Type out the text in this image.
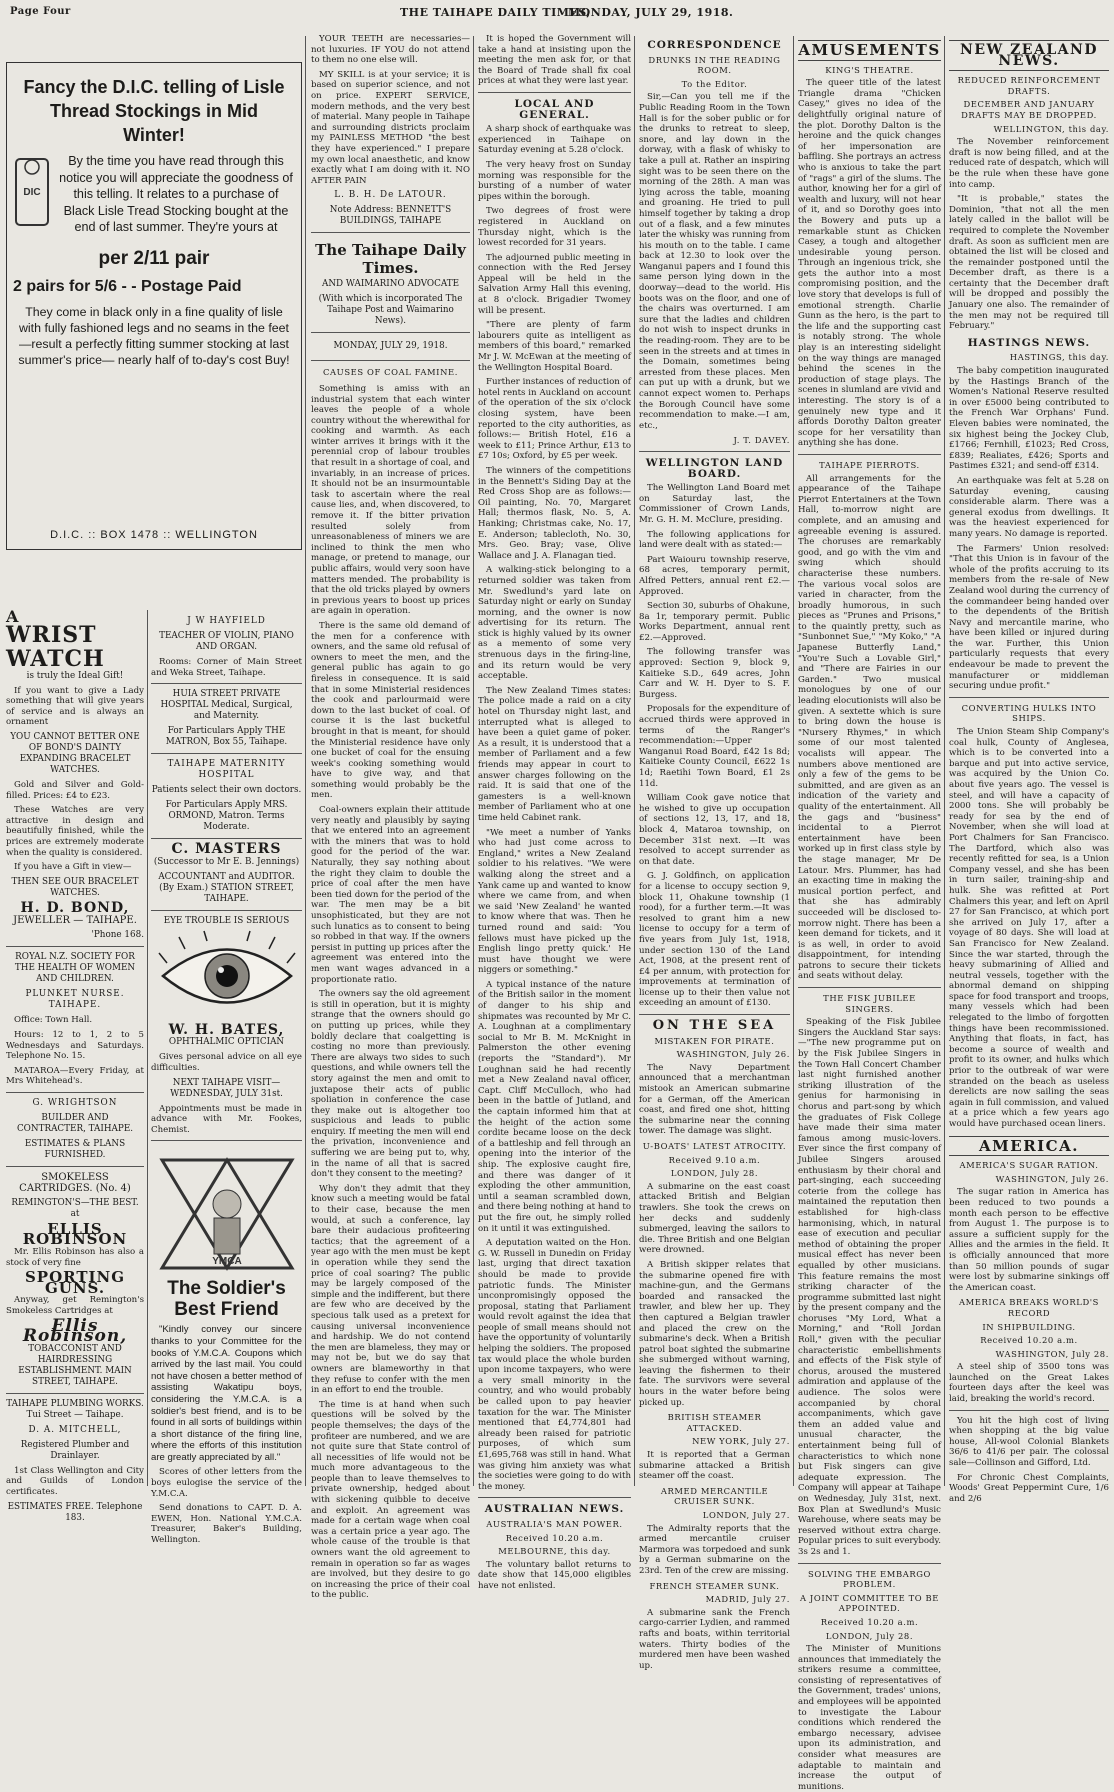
Page Four	THE TAIHAPE DAILY TIMES,
MONDAY, JULY 29, 1918.
Fancy the D.I.C. telling of Lisle Thread Stockings in Mid Winter!
DIC
By the time you have read through this notice you will appreciate the goodness of this telling. It relates to a purchase of Black Lisle Tread Stocking bought at the end of last summer. They're yours at
per 2/11 pair
2 pairs for 5/6 - - Postage Paid
They come in black only in a fine quality of lisle with fully fashioned legs and no seams in the feet —result a perfectly fitting summer stocking at last summer's price— nearly half of to-day's cost Buy!
D.I.C. :: BOX 1478 :: WELLINGTON
A
WRIST WATCH
is truly the Ideal Gift!

If you want to give a Lady something that will give years of service and is always an ornament

YOU CANNOT BETTER ONE OF BOND'S DAINTY EXPANDING BRACELET WATCHES.

Gold and Silver and Gold-filled. Prices: £4 to £23.

These Watches are very attractive in design and beautifully finished, while the prices are extremely moderate when the quality is considered.

If you have a Gift in view—

THEN SEE OUR BRACELET WATCHES.
H. D. BOND,
JEWELLER — TAIHAPE.
'Phone 168.
ROYAL N.Z. SOCIETY FOR THE HEALTH OF WOMEN AND CHILDREN.
PLUNKET NURSE. TAIHAPE.

Office: Town Hall.

Hours: 12 to 1, 2 to 5 Wednesdays and Saturdays. Telephone No. 15.

MATAROA—Every Friday, at Mrs Whitehead's.

G. WRIGHTSON
BUILDER AND CONTRACTER, TAIHAPE.
ESTIMATES & PLANS FURNISHED.
SMOKELESS CARTRIDGES. (No. 4)
REMINGTON'S—THE BEST. at
ELLIS ROBINSON

Mr. Ellis Robinson has also a stock of very fine

SPORTING GUNS.

Anyway, get Remington's Smokeless Cartridges at

Ellis Robinson,
TOBACCONIST AND HAIRDRESSING ESTABLISHMENT. MAIN STREET, TAIHAPE.
TAIHAPE PLUMBING WORKS. Tui Street — Taihape.
D. A. MITCHELL,
Registered Plumber and Drainlayer.

1st Class Wellington and City and Guilds of London certificates.

ESTIMATES FREE. Telephone 183.
J W HAYFIELD
TEACHER OF VIOLIN, PIANO AND ORGAN.

Rooms: Corner of Main Street and Weka Street, Taihape.

HUIA STREET PRIVATE HOSPITAL Medical, Surgical, and Maternity.
For Particulars Apply THE MATRON, Box 55, Taihape.
TAIHAPE MATERNITY HOSPITAL
Patients select their own doctors.
For Particulars Apply MRS. ORMOND, Matron. Terms Moderate.
C. MASTERS
(Successor to Mr E. B. Jennings)
ACCOUNTANT and AUDITOR. (By Exam.) STATION STREET, TAIHAPE.
EYE TROUBLE IS SERIOUS
W. H. BATES,
OPHTHALMIC OPTICIAN

Gives personal advice on all eye difficulties.

NEXT TAIHAPE VISIT— WEDNESDAY, JULY 31st.

Appointments must be made in advance with Mr. Fookes, Chemist.

YMCA
The Soldier's Best Friend

"Kindly convey our sincere thanks to your Committee for the books of Y.M.C.A. Coupons which arrived by the last mail. You could not have chosen a better method of assisting Wakatipu boys, considering the Y.M.C.A. is a soldier's best friend, and is to be found in all sorts of buildings within a short distance of the firing line, where the efforts of this institution are greatly appreciated by all."

Scores of other letters from the boys eulogise the service of the Y.M.C.A.

Send donations to CAPT. D. A. EWEN, Hon. National Y.M.C.A. Treasurer, Baker's Building, Wellington.

YOUR TEETH are necessaries—not luxuries. IF YOU do not attend to them no one else will.

MY SKILL is at your service; it is based on superior science, and not on price. EXPERT SERVICE, modern methods, and the very best of material. Many people in Taihape and surrounding districts proclaim my PAINLESS METHOD "the best they have experienced." I prepare my own local anaesthetic, and know exactly what I am doing with it. NO AFTER PAIN

L. B. H. De LATOUR.
Note Address: BENNETT'S BUILDINGS, TAIHAPE
The Taihape Daily Times.
AND WAIMARINO ADVOCATE
(With which is incorporated The Taihape Post and Waimarino News).
MONDAY, JULY 29, 1918.
CAUSES OF COAL FAMINE.

Something is amiss with an industrial system that each winter leaves the people of a whole country without the wherewithal for cooking and warmth. As each winter arrives it brings with it the perennial crop of labour troubles that result in a shortage of coal, and invariably, in an increase of prices. It should not be an insurmountable task to ascertain where the real cause lies, and, when discovered, to remove it. If the bitter privation resulted solely from unreasonableness of miners we are inclined to think the men who manage, or pretend to manage, our public affairs, would very soon have matters mended. The probability is that the old tricks played by owners in previous years to boost up prices are again in operation.

There is the same old demand of the men for a conference with owners, and the same old refusal of owners to meet the men, and the general public has again to go fireless in consequence. It is said that in some Ministerial residences the cook and parlourmaid were down to the last bucket of coal. Of course it is the last bucketful brought in that is meant, for should the Ministerial residence have only one bucket of coal for the ensuing week's cooking something would have to give way, and that something would probably be the men.

Coal-owners explain their attitude very neatly and plausibly by saying that we entered into an agreement with the miners that was to hold good for the period of the war. Naturally, they say nothing about the right they claim to double the price of coal after the men have been tied down for the period of the war. The men may be a bit unsophisticated, but they are not such lunatics as to consent to being so robbed in that way. If the owners persist in putting up prices after the agreement was entered into the men want wages advanced in a proportionate ratio.

The owners say the old agreement is still in operation, but it is mighty strange that the owners should go on putting up prices, while they boldly declare that coalgetting is costing no more than previously. There are always two sides to such questions, and while owners tell the story against the men and omit to juxtapose their acts of public spoliation in conference the case they make out is altogether too suspicious and leads to public enquiry. If meeting the men will end the privation, inconvenience and suffering we are being put to, why, in the name of all that is sacred don't they consent to the meeting?

Why don't they admit that they know such a meeting would be fatal to their case, because the men would, at such a conference, lay bare their audacious profiteering tactics; that the agreement of a year ago with the men must be kept in operation while they send the price of coal soaring? The public may be largely composed of the simple and the indifferent, but there are few who are deceived by the specious talk used as a pretext for causing universal inconvenience and hardship. We do not contend the men are blameless, they may or may not be, but we do say that owners are blameworthy in that they refuse to confer with the men in an effort to end the trouble.

The time is at hand when such questions will be solved by the people themselves; the days of the profiteer are numbered, and we are not quite sure that State control of all necessities of life would not be much more advantageous to the people than to leave themselves to private ownership, hedged about with sickening quibble to deceive and exploit. An agreement was made for a certain wage when coal was a certain price a year ago. The whole cause of the trouble is that owners want the old agreement to remain in operation so far as wages are involved, but they desire to go on increasing the price of their coal to the public.

It is hoped the Government will take a hand at insisting upon the meeting the men ask for, or that the Board of Trade shall fix coal prices at what they were last year.

LOCAL AND GENERAL.

A sharp shock of earthquake was experienced in Taihape on Saturday evening at 5.28 o'clock.

The very heavy frost on Sunday morning was responsible for the bursting of a number of water pipes within the borough.

Two degrees of frost were registered in Auckland on Thursday night, which is the lowest recorded for 31 years.

The adjourned public meeting in connection with the Red Jersey Appeal will be held in the Salvation Army Hall this evening, at 8 o'clock. Brigadier Twomey will be present.

"There are plenty of farm labourers quite as intelligent as members of this board," remarked Mr J. W. McEwan at the meeting of the Wellington Hospital Board.

Further instances of reduction of hotel rents in Auckland on account of the operation of the six o'clock closing system, have been reported to the city authorities, as follows:— British Hotel, £16 a week to £11; Prince Arthur, £13 to £7 10s; Oxford, by £5 per week.

The winners of the competitions in the Bennett's Siding Day at the Red Cross Shop are as follows:—Oil painting, No. 70, Margaret Hall; thermos flask, No. 5, A. Hanking; Christmas cake, No. 17, E. Anderson; tablecloth, No. 30, Mrs. Geo. Bray; vase, Olive Wallace and J. A. Flanagan tied.

A walking-stick belonging to a returned soldier was taken from Mr. Swedlund's yard late on Saturday night or early on Sunday morning, and the owner is now advertising for its return. The stick is highly valued by its owner as a memento of some very strenuous days in the firing-line, and its return would be very acceptable.

The New Zealand Times states: The police made a raid on a city hotel on Thursday night last, and interrupted what is alleged to have been a quiet game of poker. As a result, it is understood that a member of Parliament and a few friends may appear in court to answer charges following on the raid. It is said that one of the gamesters is a well-known member of Parliament who at one time held Cabinet rank.

"We meet a number of Yanks who had just come across to England," writes a New Zealand soldier to his relatives. "We were walking along the street and a Yank came up and wanted to know where we came from, and when we said 'New Zealand' he wanted to know where that was. Then he turned round and said: 'You fellows must have picked up the English lingo pretty quick.' He must have thought we were niggers or something."

A typical instance of the nature of the British sailor in the moment of danger to his ship and shipmates was recounted by Mr C. A. Loughnan at a complimentary social to Mr B. M. McKnight in Palmerston the other evening (reports the "Standard"). Mr Loughnan said he had recently met a New Zealand naval officer, Capt. Cliff McCulloch, who had been in the battle of Jutland, and the captain informed him that at the height of the action some cordite became loose on the deck of a battleship and fell through an opening into the interior of the ship. The explosive caught fire, and there was danger of it exploding the other ammunition, until a seaman scrambled down, and there being nothing at hand to put the fire out, he simply rolled on it until it was extinguished.

A deputation waited on the Hon. G. W. Russell in Dunedin on Friday last, urging that direct taxation should be made to provide patriotic funds. The Minister unconpromisingly opposed the proposal, stating that Parliament would revolt against the idea that people of small means should not have the opportunity of voluntarily helping the soldiers. The proposed tax would place the whole burden upon income taxpayers, who were a very small minority in the country, and who would probably be called upon to pay heavier taxation for the war. The Minister mentioned that £4,774,801 had already been raised for patriotic purposes, of which sum £1,695,768 was still in hand. What was giving him anxiety was what the societies were going to do with the money.

AUSTRALIAN NEWS.
AUSTRALIA'S MAN POWER.
Received 10.20 a.m.
MELBOURNE, this day.

The voluntary ballot returns to date show that 145,000 eligibles have not enlisted.

CORRESPONDENCE
DRUNKS IN THE READING ROOM.
To the Editor.

Sir,—Can you tell me if the Public Reading Room in the Town Hall is for the sober public or for the drunks to retreat to sleep, snore, and lay down in the dorway, with a flask of whisky to take a pull at. Rather an inspiring sight was to be seen there on the morning of the 28th. A man was lying across the table, moaning and groaning. He tried to pull himself together by taking a drop out of a flask, and a few minutes later the whisky was running from his mouth on to the table. I came back at 12.30 to look over the Wanganui papers and I found this same person lying down in the doorway—dead to the world. His boots was on the floor, and one of the chairs was overturned. I am sure that the ladies and children do not wish to inspect drunks in the reading-room. They are to be seen in the streets and at times in the Domain, sometimes being arrested from these places. Men can put up with a drunk, but we cannot expect women to. Perhaps the Borough Council have some recommendation to make.—I am, etc.,

J. T. DAVEY.
WELLINGTON LAND BOARD.

The Wellington Land Board met on Saturday last, the Commissioner of Crown Lands, Mr. G. H. M. McClure, presiding.

The following applications for land were dealt with as stated:—

Part Waiouru township reserve, 68 acres, temporary permit, Alfred Petters, annual rent £2.—Approved.

Section 30, suburbs of Ohakune, 8a 1r, temporary permit. Public Works Department, annual rent £2.—Approved.

The following transfer was approved: Section 9, block 9, Kaitieke S.D., 649 acres, John Carr and W. H. Dyer to S. F. Burgess.

Proposals for the expenditure of accrued thirds were approved in terms of the Ranger's recommendation:—Upper Wanganui Road Board, £42 1s 8d; Kaitieke County Council, £622 1s 1d; Raetihi Town Board, £1 2s 11d.

William Cook gave notice that he wished to give up occupation of sections 12, 13, 17, and 18, block 4, Mataroa township, on December 31st next. —It was resolved to accept surrender as on that date.

G. J. Goldfinch, on application for a license to occupy section 9, block 11, Ohakune township (1 rood), for a further term.—It was resolved to grant him a new license to occupy for a term of five years from July 1st, 1918, under section 130 of the Land Act, 1908, at the present rent of £4 per annum, with protection for improvements at termination of license up to their then value not exceeding an amount of £130.

ON THE SEA
MISTAKEN FOR PIRATE.
WASHINGTON, July 26.

The Navy Department announced that a merchantman mistook an American submarine for a German, off the American coast, and fired one shot, hitting the submarine near the conning tower. The damage was slight.

U-BOATS' LATEST ATROCITY.
Received 9.10 a.m.
LONDON, July 28.

A submarine on the east coast attacked British and Belgian trawlers. She took the crews on her decks and suddenly submerged, leaving the sailors to die. Three British and one Belgian were drowned.

A British skipper relates that the submarine opened fire with machine-gun, and the Germans boarded and ransacked the trawler, and blew her up. They then captured a Belgian trawler and placed the crew on the submarine's deck. When a British patrol boat sighted the submarine she submerged without warning, leaving the fishermen to their fate. The survivors were several hours in the water before being picked up.

BRITISH STEAMER ATTACKED.
NEW YORK, July 27.

It is reported that a German submarine attacked a British steamer off the coast.

ARMED MERCANTILE CRUISER SUNK.
LONDON, July 27.

The Admiralty reports that the armed mercantile cruiser Marmora was torpedoed and sunk by a German submarine on the 23rd. Ten of the crew are missing.

FRENCH STEAMER SUNK.
MADRID, July 27.

A submarine sank the French cargo-carrier Lydien, and rammed rafts and boats, within territorial waters. Thirty bodies of the murdered men have been washed up.

AMUSEMENTS
KING'S THEATRE.

The queer title of the latest Triangle drama "Chicken Casey," gives no idea of the delightfully original nature of the plot. Dorothy Dalton is the heroine and the quick changes of her impersonation are baffling. She portrays an actress who is anxious to take the part of "rags" a girl of the slums. The author, knowing her for a girl of wealth and luxury, will not hear of it, and so Dorothy goes into the Bowery and puts up a remarkable stunt as Chicken Casey, a tough and altogether undesirable young person. Through an ingenious trick, she gets the author into a most compromising position, and the love story that develops is full of emotional strength. Charlie Gunn as the hero, is the part to the life and the supporting cast is notably strong. The whole play is an interesting sidelight on the way things are managed behind the scenes in the production of stage plays. The scenes in slumland are vivid and interesting. The story is of a genuinely new type and it affords Dorothy Dalton greater scope for her versatility than anything she has done.

TAIHAPE PIERROTS.

All arrangements for the appearance of the Taihape Pierrot Entertainers at the Town Hall, to-morrow night are complete, and an amusing and agreeable evening is assured. The choruses are remarkably good, and go with the vim and swing which should characterise these numbers. The various vocal solos are varied in character, from the broadly humorous, in such pieces as "Prunes and Prisons," to the quaintly pretty, such as "Sunbonnet Sue," "My Koko," "A Japanese Butterfly Land," "You're Such a Lovable Girl," and "There are Fairies in our Garden." Two musical monologues by one of our leading elocutionists will also be given. A sextette which is sure to bring down the house is "Nursery Rhymes," in which some of our most talented vocalists will appear. The numbers above mentioned are only a few of the gems to be submitted, and are given as an indication of the variety and quality of the entertainment. All the gags and "business" incidental to a Pierrot entertainment have been worked up in first class style by the stage manager, Mr De Latour. Mrs. Plummer, has had an exacting time in making the musical portion perfect, and that she has admirably succeeded will be disclosed to-morrow night. There has been a keen demand for tickets, and it is as well, in order to avoid disappointment, for intending patrons to secure their tickets and seats without delay.

THE FISK JUBILEE SINGERS.

Speaking of the Fisk Jubilee Singers the Auckland Star says:—"The new programme put on by the Fisk Jubilee Singers in the Town Hall Concert Chamber last night furnished another striking illustration of the genius for harmonising in chorus and part-song by which the graduates of Fisk College have made their sima mater famous among music-lovers. Ever since the first company of Jubilee Singers aroused enthusiasm by their choral and part-singing, each succeeding coterie from the college has maintained the reputation then established for high-class harmonising, which, in natural ease of execution and peculiar method of obtaining the proper musical effect has never been equalled by other musicians. This feature remains the most striking character of the programme submitted last night by the present company and the choruses "My Lord, What a Morning," and "Roll Jordan Roll," given with the peculiar characteristic embellishments and effects of the Fisk style of chorus, aroused the mustered admiration and applause of the audience. The solos were accompanied by choral accompaniments, which gave them an added value and unusual character, the entertainment being full of characteristics to which none but Fisk singers can give adequate expression. The Company will appear at Taihape on Wednesday, July 31st, next. Box Plan at Swedlund's Music Warehouse, where seats may be reserved without extra charge. Popular prices to suit everybody. 3s 2s and 1.

SOLVING THE EMBARGO PROBLEM.
A JOINT COMMITTEE TO BE APPOINTED.
Received 10.20 a.m.
LONDON, July 28.

The Minister of Munitions announces that immediately the strikers resume a committee, consisting of representatives of the Government, trades' unions, and employees will be appointed to investigate the Labour conditions which rendered the embargo necessary, advisee upon its administration, and consider what measures are adaptable to maintain and increase the output of munitions.

NEW ZEALAND NEWS.
REDUCED REINFORCEMENT DRAFTS.
DECEMBER AND JANUARY DRAFTS MAY BE DROPPED.
WELLINGTON, this day.

The November reinforcement draft is now being filled, and at the reduced rate of despatch, which will be the rule when these have gone into camp.

"It is probable," states the Dominion, "that not all the men lately called in the ballot will be required to complete the November draft. As soon as sufficient men are obtained the list will be closed and the remainder postponed until the December draft, as there is a certainty that the December draft will be dropped and possibly the January one also. The remainder of the men may not be required till February."

HASTINGS NEWS.
HASTINGS, this day.

The baby competition inaugurated by the Hastings Branch of the Women's National Reserve resulted in over £5000 being contributed to the French War Orphans' Fund. Eleven babies were nominated, the six highest being the Jockey Club, £1766; Fernhill, £1023; Red Cross, £839; Realiates, £426; Sports and Pastimes £321; and send-off £314.

An earthquake was felt at 5.28 on Saturday evening, causing considerable alarm. There was a general exodus from dwellings. It was the heaviest experienced for many years. No damage is reported.

The Farmers' Union resolved: "That this Union is in favour of the whole of the profits accruing to its members from the re-sale of New Zealand wool during the currency of the commandeer being handed over to the dependents of the British Navy and mercantile marine, who have been killed or injured during the war. Further, this Union particularly requests that every endeavour be made to prevent the manufacturer or middleman securing undue profit."

CONVERTING HULKS INTO SHIPS.

The Union Steam Ship Company's coal hulk, County of Anglesea, which is to be converted into a barque and put into active service, was acquired by the Union Co. about five years ago. The vessel is steel, and will have a capacity of 2000 tons. She will probably be ready for sea by the end of November, when she will load at Port Chalmers for San Francisco. The Dartford, which also was recently refitted for sea, is a Union Company vessel, and she has been in turn sailer, training-ship and hulk. She was refitted at Port Chalmers this year, and left on April 27 for San Francisco, at which port she arrived on July 17, after a voyage of 80 days. She will load at San Francisco for New Zealand. Since the war started, through the heavy submarining of Allied and neutral vessels, together with the abnormal demand on shipping space for food transport and troops, many vessels which had been relegated to the limbo of forgotten things have been recommissioned. Anything that floats, in fact, has become a source of wealth and profit to its owner, and hulks which prior to the outbreak of war were stranded on the beach as useless derelicts are now sailing the seas again in full commission, and valued at a price which a few years ago would have purchased ocean liners.

AMERICA.
AMERICA'S SUGAR RATION.
WASHINGTON, July 26.

The sugar ration in America has been reduced to two pounds a month each person to be effective from August 1. The purpose is to assure a sufficient supply for the Allies and the armies in the field. It is officially announced that more than 50 million pounds of sugar were lost by submarine sinkings off the American coast.

AMERICA BREAKS WORLD'S RECORD
IN SHIPBUILDING.
Received 10.20 a.m.
WASHINGTON, July 28.

A steel ship of 3500 tons was launched on the Great Lakes fourteen days after the keel was laid, breaking the world's record.

You hit the high cost of living when shopping at the big value house, All-wool Colonial Blankets 36/6 to 41/6 per pair. The colossal sale—Collinson and Gifford, Ltd.

For Chronic Chest Complaints, Woods' Great Peppermint Cure, 1/6 and 2/6
